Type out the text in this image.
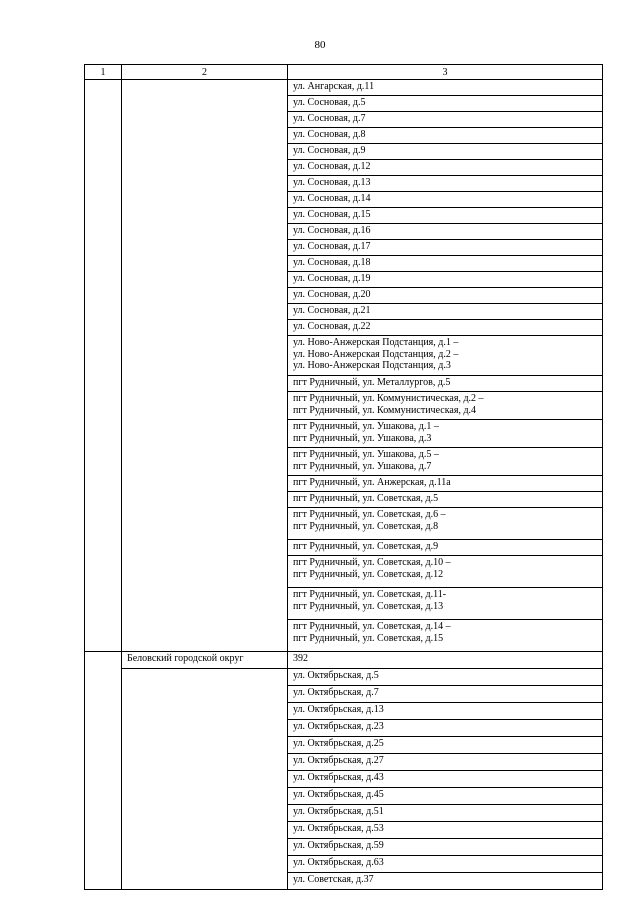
80
1	2	3

		ул. Ангарская, д.11

		ул. Сосновая, д.5

		ул. Сосновая, д.7

		ул. Сосновая, д.8

		ул. Сосновая, д.9

		ул. Сосновая, д.12

		ул. Сосновая, д.13

		ул. Сосновая, д.14

		ул. Сосновая, д.15

		ул. Сосновая, д.16

		ул. Сосновая, д.17

		ул. Сосновая, д.18

		ул. Сосновая, д.19

		ул. Сосновая, д.20

		ул. Сосновая, д.21

		ул. Сосновая, д.22

		ул. Ново-Анжерская Подстанция, д.1 –
ул. Ново-Анжерская Подстанция, д.2 –
ул. Ново-Анжерская Подстанция, д.3

		пгт Рудничный, ул. Металлургов, д.5

		пгт Рудничный, ул. Коммунистическая, д.2 –
пгт Рудничный, ул. Коммунистическая, д.4

		пгт Рудничный, ул. Ушакова, д.1 –
пгт Рудничный, ул. Ушакова, д.3

		пгт Рудничный, ул. Ушакова, д.5 –
пгт Рудничный, ул. Ушакова, д.7

		пгт Рудничный, ул. Анжерская, д.11а

		пгт Рудничный, ул. Советская, д.5

		пгт Рудничный, ул. Советская, д.6 –
пгт Рудничный, ул. Советская, д.8

		пгт Рудничный, ул. Советская, д.9

		пгт Рудничный, ул. Советская, д.10 –
пгт Рудничный, ул. Советская, д.12

		пгт Рудничный, ул. Советская, д.11-
пгт Рудничный, ул. Советская, д.13

		пгт Рудничный, ул. Советская, д.14 –
пгт Рудничный, ул. Советская, д.15

	Беловский городской округ	392
		ул. Октябрьская, д.5
		ул. Октябрьская, д.7
		ул. Октябрьская, д.13
		ул. Октябрьская, д.23
		ул. Октябрьская, д.25
		ул. Октябрьская, д.27
		ул. Октябрьская, д.43
		ул. Октябрьская, д.45
		ул. Октябрьская, д.51
		ул. Октябрьская, д.53
		ул. Октябрьская, д.59
		ул. Октябрьская, д.63
		ул. Советская, д.37
